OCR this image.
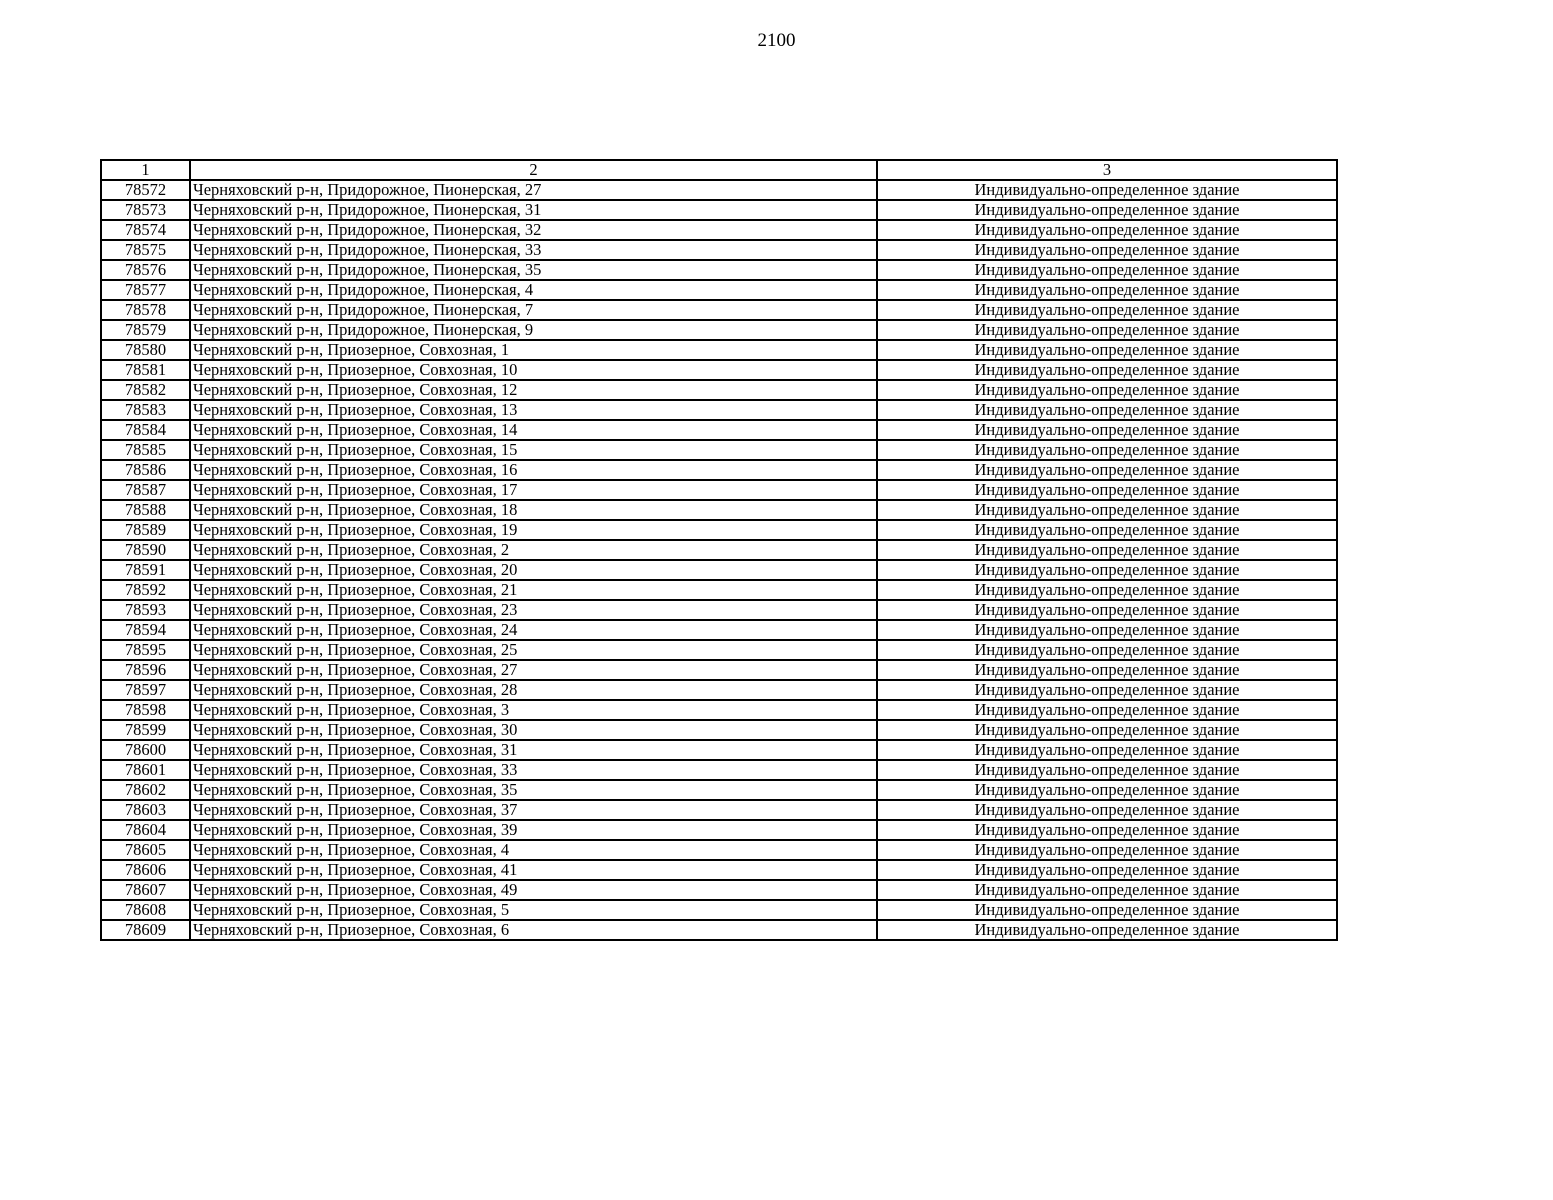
2100
1	2	3
78572	Черняховский р-н, Придорожное, Пионерская, 27	Индивидуально-определенное здание
78573	Черняховский р-н, Придорожное, Пионерская, 31	Индивидуально-определенное здание
78574	Черняховский р-н, Придорожное, Пионерская, 32	Индивидуально-определенное здание
78575	Черняховский р-н, Придорожное, Пионерская, 33	Индивидуально-определенное здание
78576	Черняховский р-н, Придорожное, Пионерская, 35	Индивидуально-определенное здание
78577	Черняховский р-н, Придорожное, Пионерская, 4	Индивидуально-определенное здание
78578	Черняховский р-н, Придорожное, Пионерская, 7	Индивидуально-определенное здание
78579	Черняховский р-н, Придорожное, Пионерская, 9	Индивидуально-определенное здание
78580	Черняховский р-н, Приозерное, Совхозная, 1	Индивидуально-определенное здание
78581	Черняховский р-н, Приозерное, Совхозная, 10	Индивидуально-определенное здание
78582	Черняховский р-н, Приозерное, Совхозная, 12	Индивидуально-определенное здание
78583	Черняховский р-н, Приозерное, Совхозная, 13	Индивидуально-определенное здание
78584	Черняховский р-н, Приозерное, Совхозная, 14	Индивидуально-определенное здание
78585	Черняховский р-н, Приозерное, Совхозная, 15	Индивидуально-определенное здание
78586	Черняховский р-н, Приозерное, Совхозная, 16	Индивидуально-определенное здание
78587	Черняховский р-н, Приозерное, Совхозная, 17	Индивидуально-определенное здание
78588	Черняховский р-н, Приозерное, Совхозная, 18	Индивидуально-определенное здание
78589	Черняховский р-н, Приозерное, Совхозная, 19	Индивидуально-определенное здание
78590	Черняховский р-н, Приозерное, Совхозная, 2	Индивидуально-определенное здание
78591	Черняховский р-н, Приозерное, Совхозная, 20	Индивидуально-определенное здание
78592	Черняховский р-н, Приозерное, Совхозная, 21	Индивидуально-определенное здание
78593	Черняховский р-н, Приозерное, Совхозная, 23	Индивидуально-определенное здание
78594	Черняховский р-н, Приозерное, Совхозная, 24	Индивидуально-определенное здание
78595	Черняховский р-н, Приозерное, Совхозная, 25	Индивидуально-определенное здание
78596	Черняховский р-н, Приозерное, Совхозная, 27	Индивидуально-определенное здание
78597	Черняховский р-н, Приозерное, Совхозная, 28	Индивидуально-определенное здание
78598	Черняховский р-н, Приозерное, Совхозная, 3	Индивидуально-определенное здание
78599	Черняховский р-н, Приозерное, Совхозная, 30	Индивидуально-определенное здание
78600	Черняховский р-н, Приозерное, Совхозная, 31	Индивидуально-определенное здание
78601	Черняховский р-н, Приозерное, Совхозная, 33	Индивидуально-определенное здание
78602	Черняховский р-н, Приозерное, Совхозная, 35	Индивидуально-определенное здание
78603	Черняховский р-н, Приозерное, Совхозная, 37	Индивидуально-определенное здание
78604	Черняховский р-н, Приозерное, Совхозная, 39	Индивидуально-определенное здание
78605	Черняховский р-н, Приозерное, Совхозная, 4	Индивидуально-определенное здание
78606	Черняховский р-н, Приозерное, Совхозная, 41	Индивидуально-определенное здание
78607	Черняховский р-н, Приозерное, Совхозная, 49	Индивидуально-определенное здание
78608	Черняховский р-н, Приозерное, Совхозная, 5	Индивидуально-определенное здание
78609	Черняховский р-н, Приозерное, Совхозная, 6	Индивидуально-определенное здание
